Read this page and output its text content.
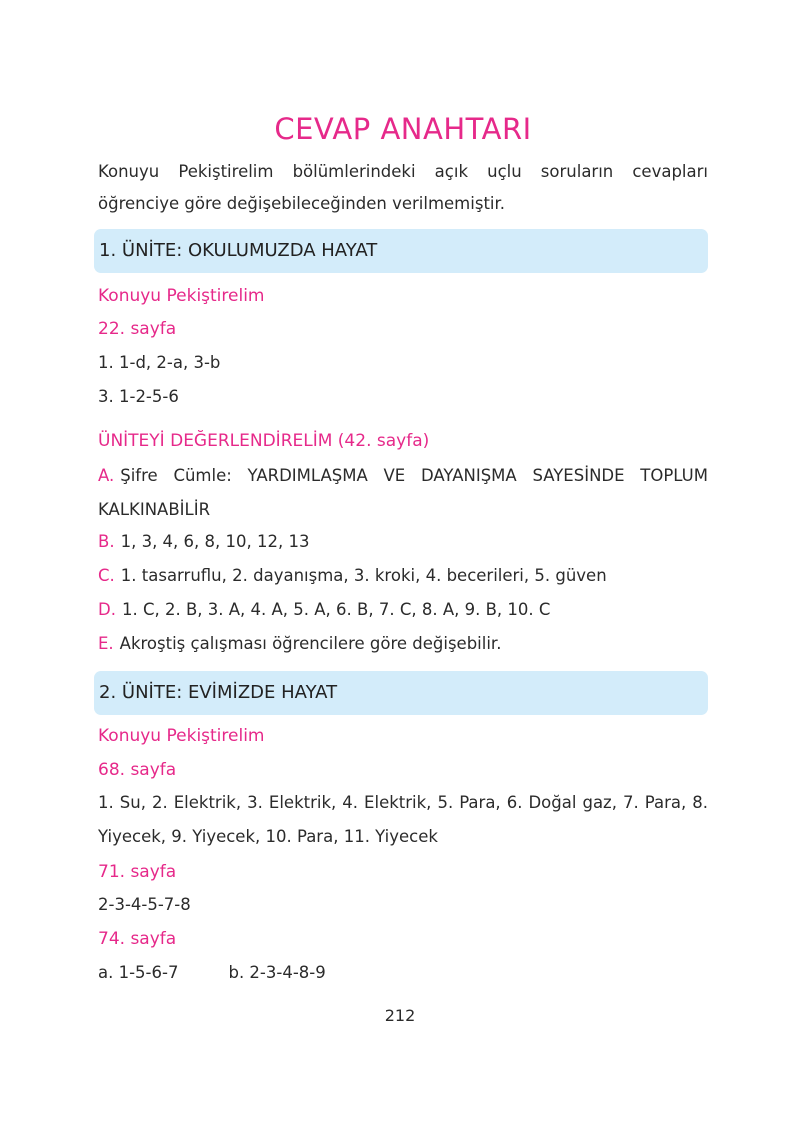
CEVAP ANAHTARI
Konuyu Pekiştirelim bölümlerindeki açık uçlu soruların cevapları öğrenciye göre değişebileceğinden verilmemiştir.
1. ÜNİTE: OKULUMUZDA HAYAT
Konuyu Pekiştirelim
22. sayfa
1. 1-d, 2-a, 3-b
3. 1-2-5-6
ÜNİTEYİ DEĞERLENDİRELİM (42. sayfa)
A. Şifre Cümle: YARDIMLAŞMA VE DAYANIŞMA SAYESİNDE TOPLUM KALKINABİLİR
B. 1, 3, 4, 6, 8, 10, 12, 13
C. 1. tasarruflu, 2. dayanışma, 3. kroki, 4. becerileri, 5. güven
D. 1. C, 2. B, 3. A, 4. A, 5. A, 6. B, 7. C, 8. A, 9. B, 10. C
E. Akroştiş çalışması öğrencilere göre değişebilir.
2. ÜNİTE: EVİMİZDE HAYAT
Konuyu Pekiştirelim
68. sayfa
1. Su, 2. Elektrik, 3. Elektrik, 4. Elektrik, 5. Para, 6. Doğal gaz, 7. Para, 8. Yiyecek, 9. Yiyecek, 10. Para, 11. Yiyecek
71. sayfa
2-3-4-5-7-8
74. sayfa
a. 1-5-6-7	b. 2-3-4-8-9
212
